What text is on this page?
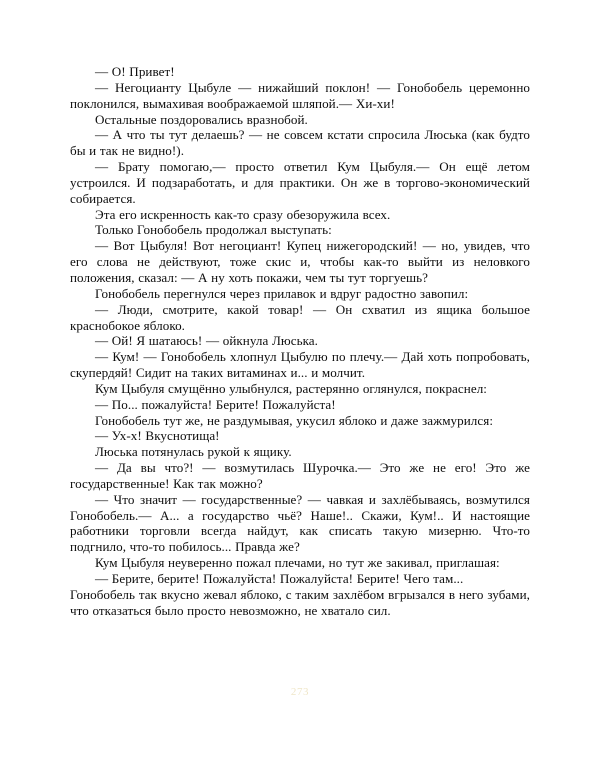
— О! Привет!

— Негоцианту Цыбуле — нижайший поклон! — Гонобобель церемонно поклонился, вымахивая воображаемой шляпой.— Хи-хи!

Остальные поздоровались вразнобой.

— А что ты тут делаешь? — не совсем кстати спросила Люська (как будто бы и так не видно!).

— Брату помогаю,— просто ответил Кум Цыбуля.— Он ещё летом устроился. И подзаработать, и для практики. Он же в торгово-экономический собирается.

Эта его искренность как-то сразу обезоружила всех.

Только Гонобобель продолжал выступать:

— Вот Цыбуля! Вот негоциант! Купец нижегородский! — но, увидев, что его слова не действуют, тоже скис и, чтобы как-то выйти из неловкого положения, сказал: — А ну хоть покажи, чем ты тут торгуешь?

Гонобобель перегнулся через прилавок и вдруг радостно завопил:

— Люди, смотрите, какой товар! — Он схватил из ящика большое краснобокое яблоко.

— Ой! Я шатаюсь! — ойкнула Люська.

— Кум! — Гонобобель хлопнул Цыбулю по плечу.— Дай хоть попробовать, скупердяй! Сидит на таких витаминах и... и молчит.

Кум Цыбуля смущённо улыбнулся, растерянно оглянулся, покраснел:

— По... пожалуйста! Берите! Пожалуйста!

Гонобобель тут же, не раздумывая, укусил яблоко и даже зажмурился:

— Ух-х! Вкуснотища!

Люська потянулась рукой к ящику.

— Да вы что?! — возмутилась Шурочка.— Это же не его! Это же государственные! Как так можно?

— Что значит — государственные? — чавкая и захлёбываясь, возмутился Гонобобель.— А... а государство чьё? Наше!.. Скажи, Кум!.. И настоящие работники торговли всегда найдут, как списать такую мизерню. Что-то подгнило, что-то побилось... Правда же?

Кум Цыбуля неуверенно пожал плечами, но тут же закивал, приглашая:

— Берите, берите! Пожалуйста! Пожалуйста! Берите! Чего там...

Гонобобель так вкусно жевал яблоко, с таким захлёбом вгрызался в него зубами, что отказаться было просто невозможно, не хватало сил.

273
